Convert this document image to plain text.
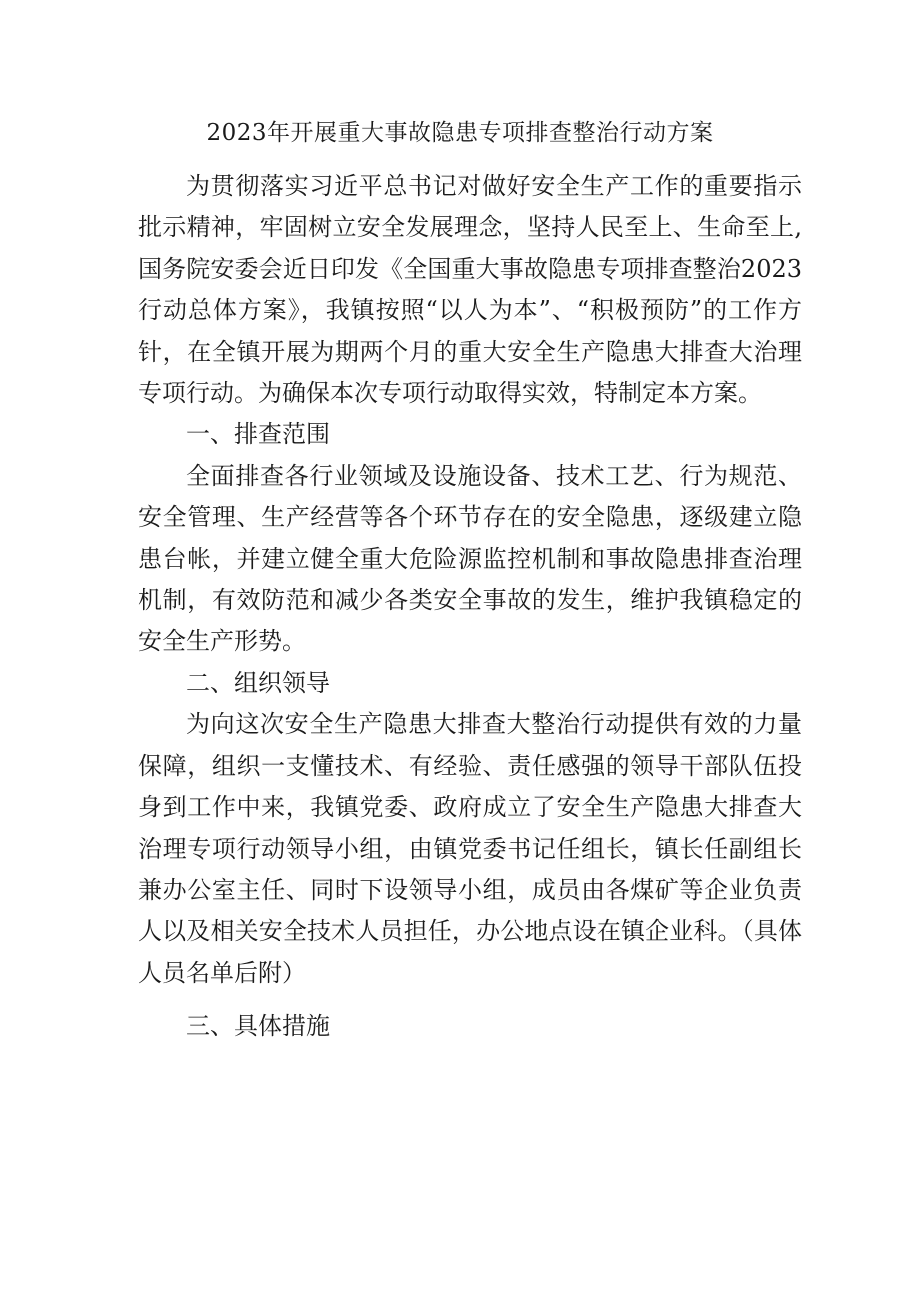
2023年开展重大事故隐患专项排查整治行动方案

为贯彻落实习近平总书记对做好安全生产工作的重要指示批示精神，牢固树立安全发展理念，坚持人民至上、生命至上,国务院安委会近日印发《全国重大事故隐患专项排查整治2023行动总体方案》，我镇按照“以人为本”、“积极预防”的工作方针，在全镇开展为期两个月的重大安全生产隐患大排查大治理专项行动。为确保本次专项行动取得实效，特制定本方案。

一、排查范围

全面排查各行业领域及设施设备、技术工艺、行为规范、安全管理、生产经营等各个环节存在的安全隐患，逐级建立隐患台帐，并建立健全重大危险源监控机制和事故隐患排查治理机制，有效防范和减少各类安全事故的发生，维护我镇稳定的安全生产形势。

二、组织领导

为向这次安全生产隐患大排查大整治行动提供有效的力量保障，组织一支懂技术、有经验、责任感强的领导干部队伍投身到工作中来，我镇党委、政府成立了安全生产隐患大排查大治理专项行动领导小组，由镇党委书记任组长，镇长任副组长兼办公室主任、同时下设领导小组，成员由各煤矿等企业负责人以及相关安全技术人员担任，办公地点设在镇企业科。（具体人员名单后附）

三、具体措施
